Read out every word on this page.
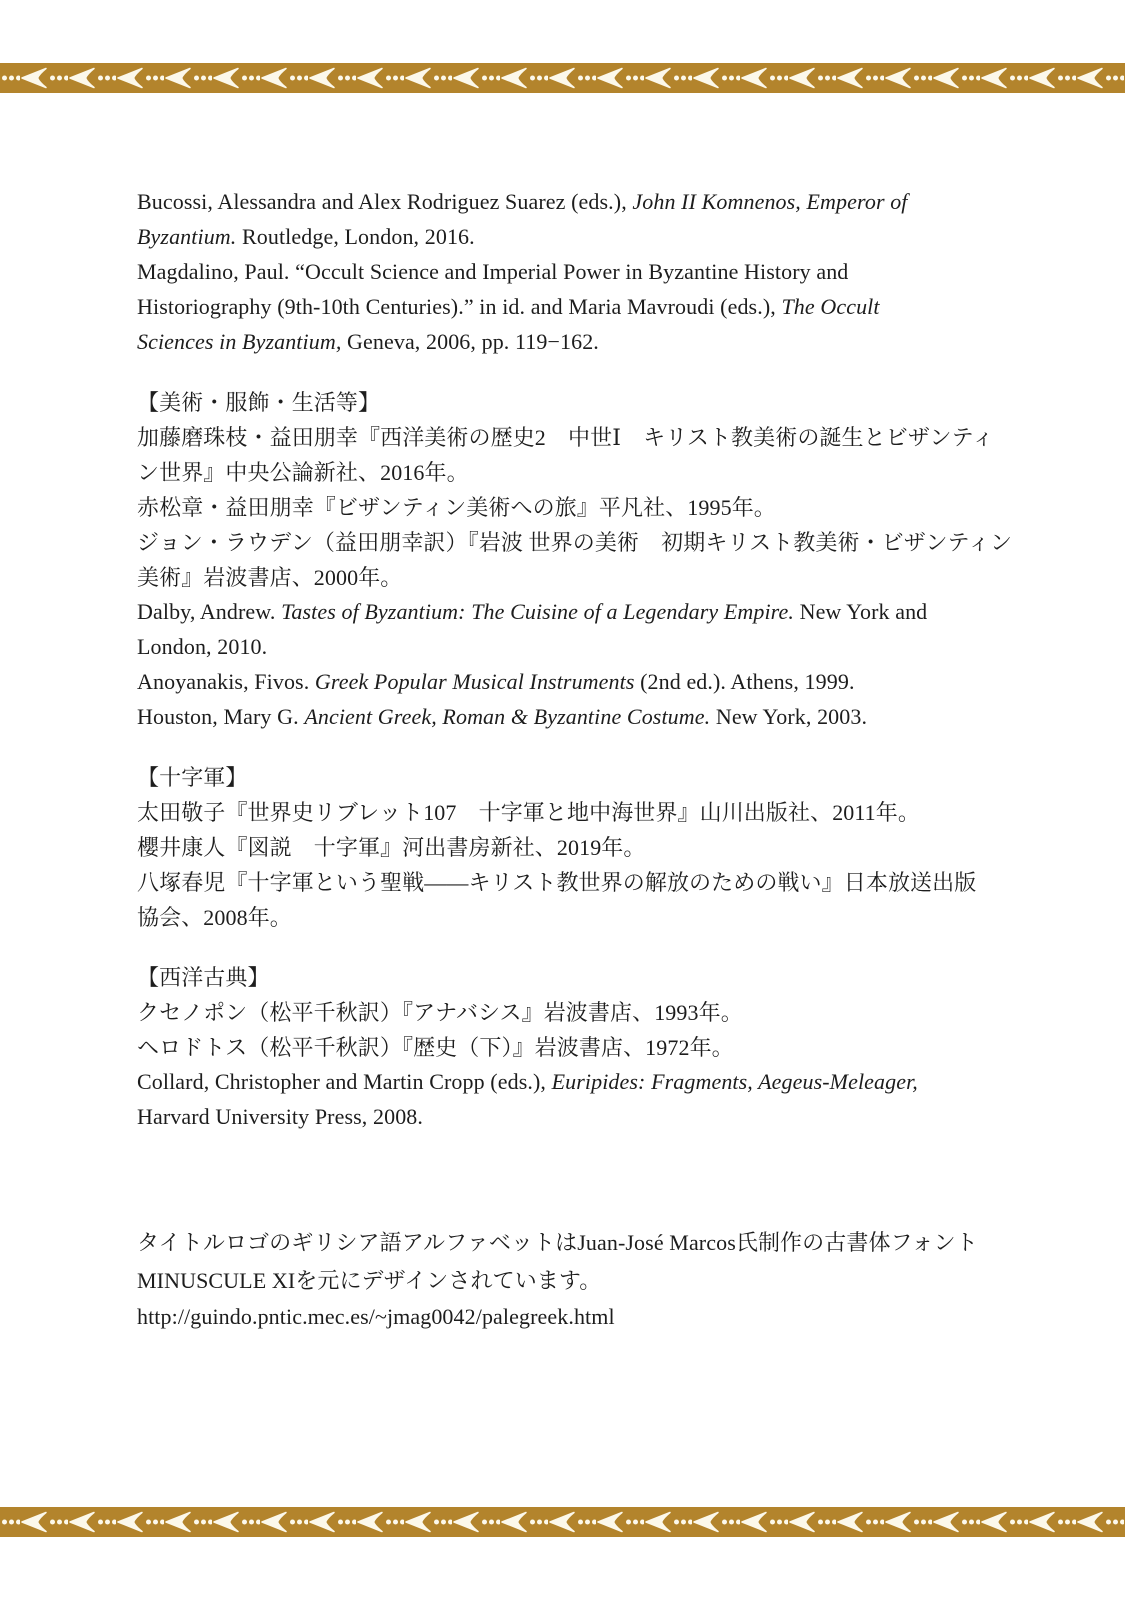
Bucossi, Alessandra and Alex Rodriguez Suarez (eds.), John II Komnenos, Emperor of
Byzantium. Routledge, London, 2016.
Magdalino, Paul. “Occult Science and Imperial Power in Byzantine History and
Historiography (9th-10th Centuries).” in id. and Maria Mavroudi (eds.), The Occult
Sciences in Byzantium, Geneva, 2006, pp. 119−162.
【美術・服飾・生活等】
加藤磨珠枝・益田朋幸『西洋美術の歴史2　中世Ⅰ　キリスト教美術の誕生とビザンティ
ン世界』中央公論新社、2016年。
赤松章・益田朋幸『ビザンティン美術への旅』平凡社、1995年。
ジョン・ラウデン（益田朋幸訳）『岩波 世界の美術　初期キリスト教美術・ビザンティン
美術』岩波書店、2000年。
Dalby, Andrew. Tastes of Byzantium: The Cuisine of a Legendary Empire. New York and
London, 2010.
Anoyanakis, Fivos. Greek Popular Musical Instruments (2nd ed.). Athens, 1999.
Houston, Mary G. Ancient Greek, Roman & Byzantine Costume. New York, 2003.
【十字軍】
太田敬子『世界史リブレット107　十字軍と地中海世界』山川出版社、2011年。
櫻井康人『図説　十字軍』河出書房新社、2019年。
八塚春児『十字軍という聖戦——キリスト教世界の解放のための戦い』日本放送出版
協会、2008年。
【西洋古典】
クセノポン（松平千秋訳）『アナバシス』岩波書店、1993年。
ヘロドトス（松平千秋訳）『歴史（下）』岩波書店、1972年。
Collard, Christopher and Martin Cropp (eds.), Euripides: Fragments, Aegeus-Meleager,
Harvard University Press, 2008.
タイトルロゴのギリシア語アルファベットはJuan-José Marcos氏制作の古書体フォント
MINUSCULE XIを元にデザインされています。
http://guindo.pntic.mec.es/~jmag0042/palegreek.html
